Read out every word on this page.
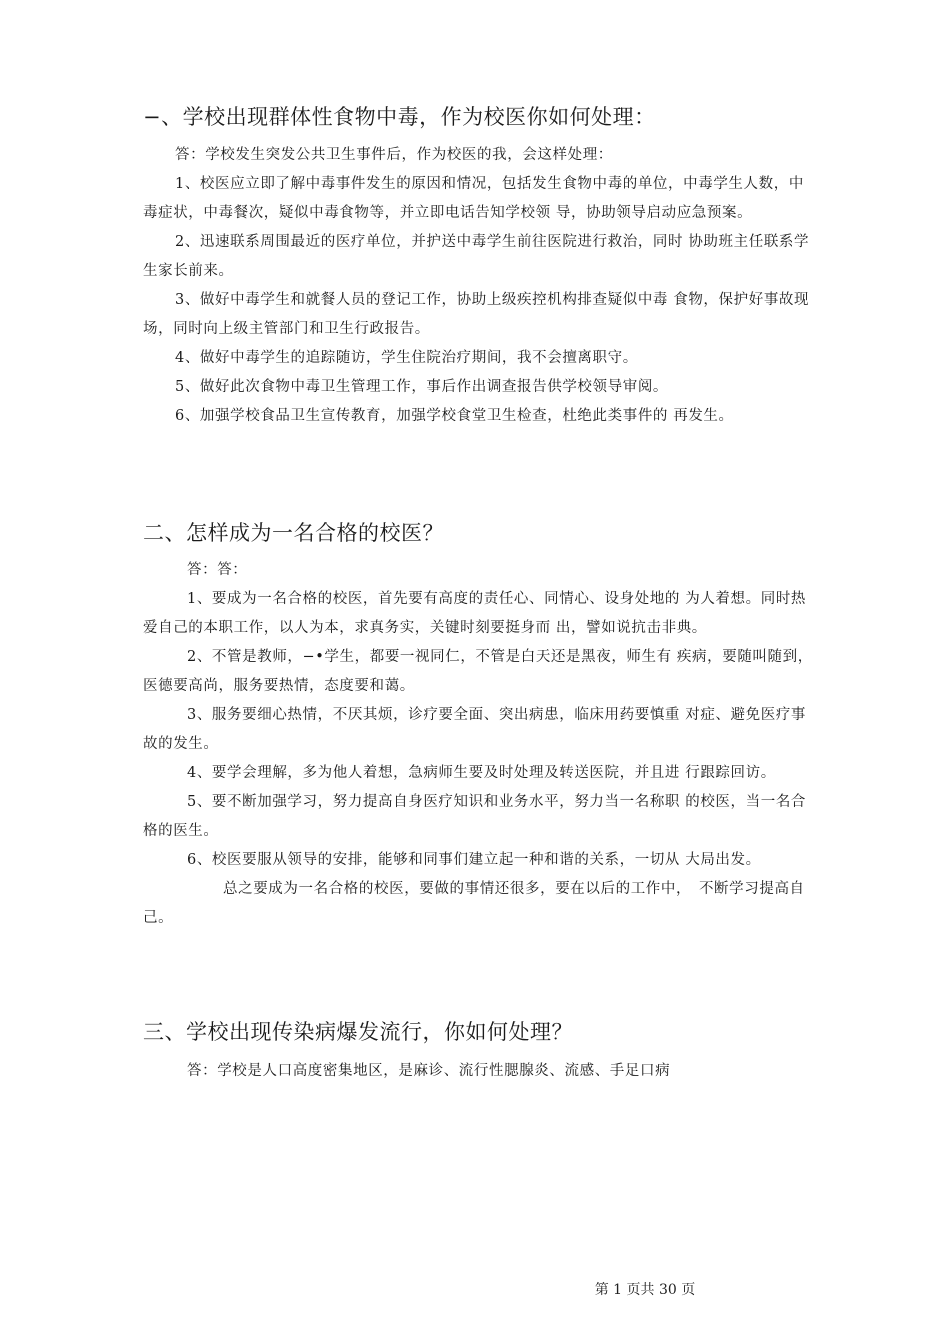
−、学校出现群体性食物中毒，作为校医你如何处理：

答：学校发生突发公共卫生事件后，作为校医的我，会这样处理：

1、校医应立即了解中毒事件发生的原因和情况，包括发生食物中毒的单位，中毒学生人数，中毒症状，中毒餐次，疑似中毒食物等，并立即电话告知学校领 导，协助领导启动应急预案。

2、迅速联系周围最近的医疗单位，并护送中毒学生前往医院进行救治，同时 协助班主任联系学生家长前来。

3、做好中毒学生和就餐人员的登记工作，协助上级疾控机构排查疑似中毒 食物，保护好事故现场，同时向上级主管部门和卫生行政报告。

4、做好中毒学生的追踪随访，学生住院治疗期间，我不会擅离职守。

5、做好此次食物中毒卫生管理工作，事后作出调查报告供学校领导审阅。

6、加强学校食品卫生宣传教育，加强学校食堂卫生检查，杜绝此类事件的 再发生。

二、怎样成为一名合格的校医？

答：答：

1、要成为一名合格的校医，首先要有高度的责任心、同情心、设身处地的 为人着想。同时热爱自己的本职工作，以人为本，求真务实，关键时刻要挺身而 出，譬如说抗击非典。

2、不管是教师，−•学生，都要一视同仁，不管是白天还是黑夜，师生有 疾病，要随叫随到，医德要高尚，服务要热情，态度要和蔼。

3、服务要细心热情，不厌其烦，诊疗要全面、突出病患，临床用药要慎重 对症、避免医疗事故的发生。

4、要学会理解，多为他人着想，急病师生要及时处理及转送医院，并且进 行跟踪回访。

5、要不断加强学习，努力提高自身医疗知识和业务水平，努力当一名称职 的校医，当一名合格的医生。

6、校医要服从领导的安排，能够和同事们建立起一种和谐的关系，一切从 大局出发。

总之要成为一名合格的校医，要做的事情还很多，要在以后的工作中，　不断学习提高自己。

三、学校出现传染病爆发流行，你如何处理？

答：学校是人口高度密集地区，是麻诊、流行性腮腺炎、流感、手足口病

第 1 页共 30 页
